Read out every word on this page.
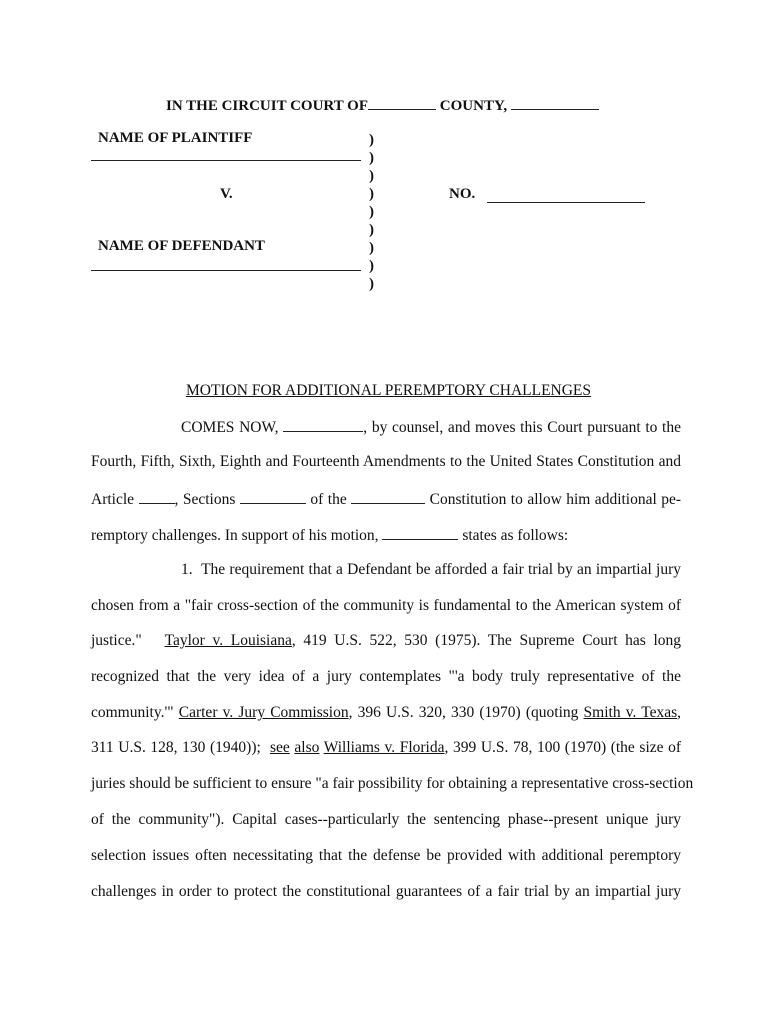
IN THE CIRCUIT COURT OF	COUNTY,
NAME OF PLAINTIFF
V.
NAME OF DEFENDANT
)
)
)
)
)
)
)
)
)
NO.
MOTION FOR ADDITIONAL PEREMPTORY CHALLENGES
COMES NOW,	, by counsel, and moves this Court pursuant to the
Fourth, Fifth, Sixth, Eighth and Fourteenth Amendments to the United States Constitution and
Article	, Sections	of the	Constitution to allow him additional pe-
remptory challenges. In support of his motion,	states as follows:
1. The requirement that a Defendant be afforded a fair trial by an impartial jury
chosen from a "fair cross-section of the community is fundamental to the American system of
justice." Taylor v. Louisiana, 419 U.S. 522, 530 (1975). The Supreme Court has long
recognized that the very idea of a jury contemplates "'a body truly representative of the
community.'" Carter v. Jury Commission, 396 U.S. 320, 330 (1970) (quoting Smith v. Texas,
311 U.S. 128, 130 (1940)); see also Williams v. Florida, 399 U.S. 78, 100 (1970) (the size of
juries should be sufficient to ensure "a fair possibility for obtaining a representative cross-section
of the community"). Capital cases--particularly the sentencing phase--present unique jury
selection issues often necessitating that the defense be provided with additional peremptory
challenges in order to protect the constitutional guarantees of a fair trial by an impartial jury
